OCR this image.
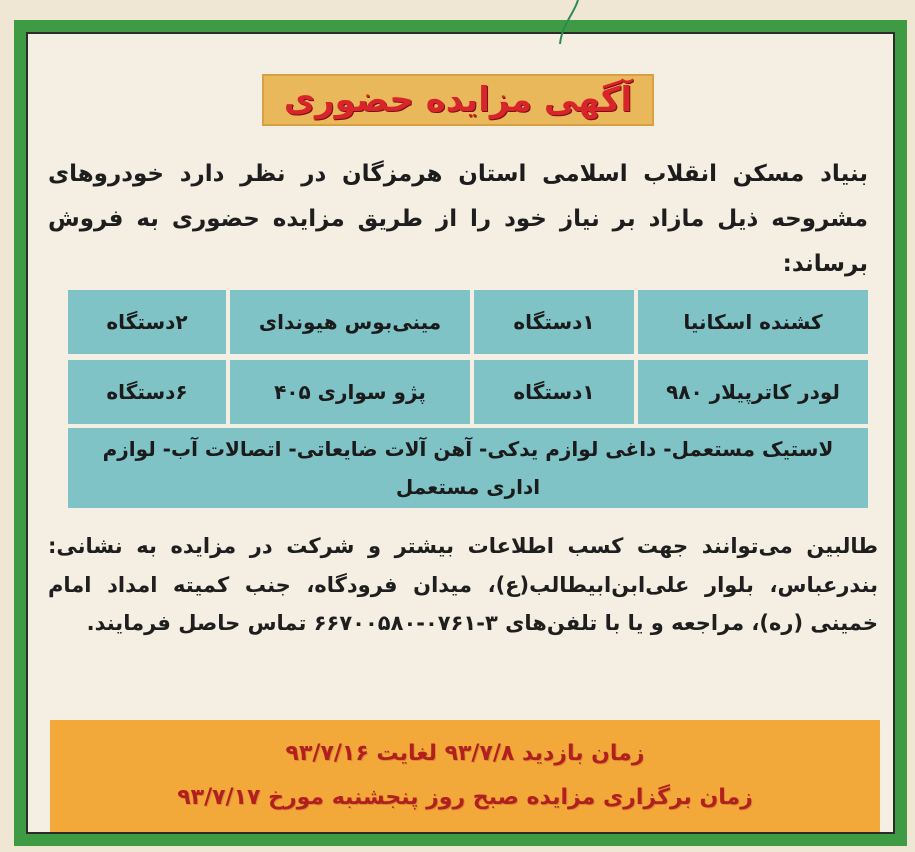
آگهی مزایده حضوری
بنیاد مسکن انقلاب اسلامی استان هرمزگان در نظر دارد خودروهای مشروحه ذیل مازاد بر نیاز خود را از طریق مزایده حضوری به فروش برساند:
کشنده اسکانیا
۱دستگاه
مینی‌بوس هیوندای
۲دستگاه
لودر کاترپیلار ۹۸۰
۱دستگاه
پژو سواری ۴۰۵
۶دستگاه
لاستیک مستعمل- داغی لوازم یدکی- آهن آلات ضایعاتی- اتصالات آب- لوازم اداری مستعمل
طالبین می‌توانند جهت کسب اطلاعات بیشتر و شرکت در مزایده به نشانی: بندرعباس، بلوار علی‌ابن‌ابیطالب(ع)، میدان فرودگاه، جنب کمیته امداد امام خمینی (ره)، مراجعه و یا با تلفن‌های ۳-۰۷۶۱-۶۶۷۰۰۵۸۰ تماس حاصل فرمایند.
زمان بازدید ۹۳/۷/۸ لغایت ۹۳/۷/۱۶
زمان برگزاری مزایده صبح روز پنجشنبه مورخ ۹۳/۷/۱۷
